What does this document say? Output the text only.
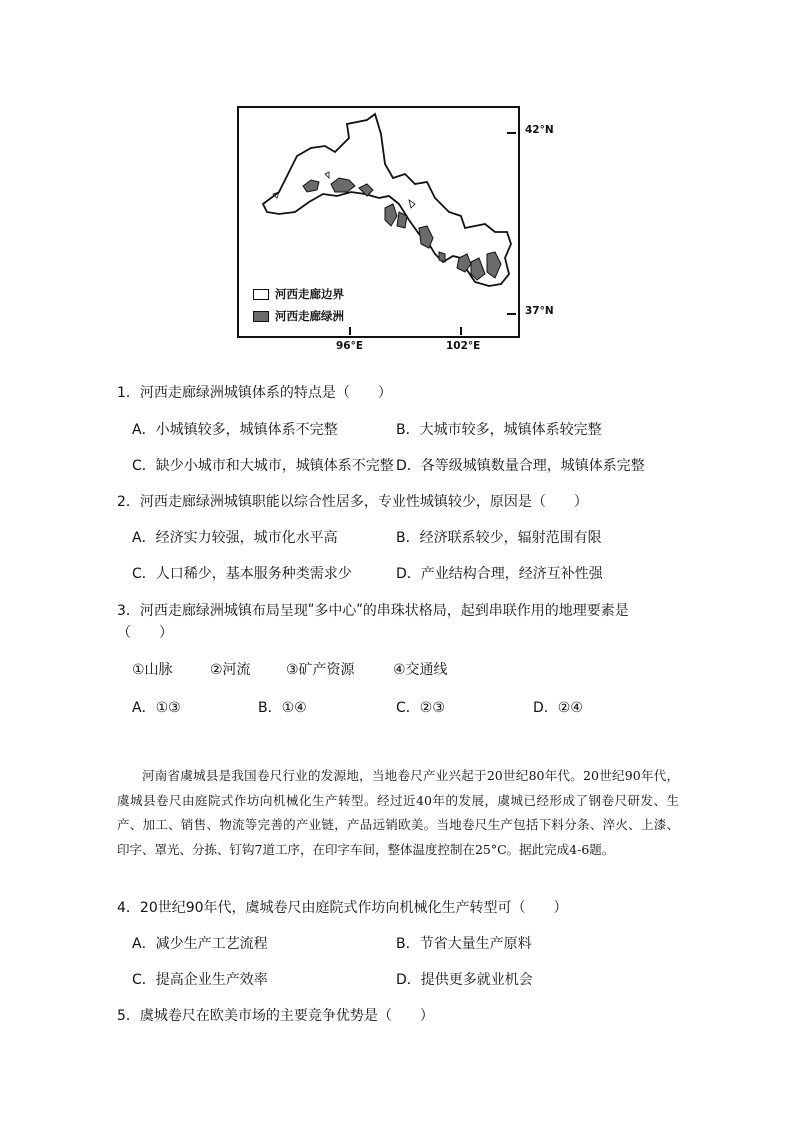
河西走廊边界
河西走廊绿洲
42°N
37°N
96°E	102°E
1．河西走廊绿洲城镇体系的特点是（　　）
A．小城镇较多，城镇体系不完整	B．大城市较多，城镇体系较完整
C．缺少小城市和大城市，城镇体系不完整 D．各等级城镇数量合理，城镇体系完整
2．河西走廊绿洲城镇职能以综合性居多，专业性城镇较少，原因是（　　）
A．经济实力较强，城市化水平高	B．经济联系较少，辐射范围有限
C．人口稀少，基本服务种类需求少	D．产业结构合理，经济互补性强
3．河西走廊绿洲城镇布局呈现ʺ多中心ʺ的串珠状格局，起到串联作用的地理要素是
（　　）
①山脉	②河流	③矿产资源	④交通线
A．①③	B．①④	C．②③	D．②④

河南省虞城县是我国卷尺行业的发源地，当地卷尺产业兴起于20世纪80年代。20世纪90年代，虞城县卷尺由庭院式作坊向机械化生产转型。经过近40年的发展，虞城已经形成了钢卷尺研发、生产、加工、销售、物流等完善的产业链，产品远销欧美。当地卷尺生产包括下料分条、淬火、上漆、印字、罩光、分拣、钉钩7道工序，在印字车间，整体温度控制在25°C。据此完成4-6题。

4．20世纪90年代，虞城卷尺由庭院式作坊向机械化生产转型可（　　）
A．减少生产工艺流程	B．节省大量生产原料
C．提高企业生产效率	D．提供更多就业机会
5．虞城卷尺在欧美市场的主要竞争优势是（　　）
